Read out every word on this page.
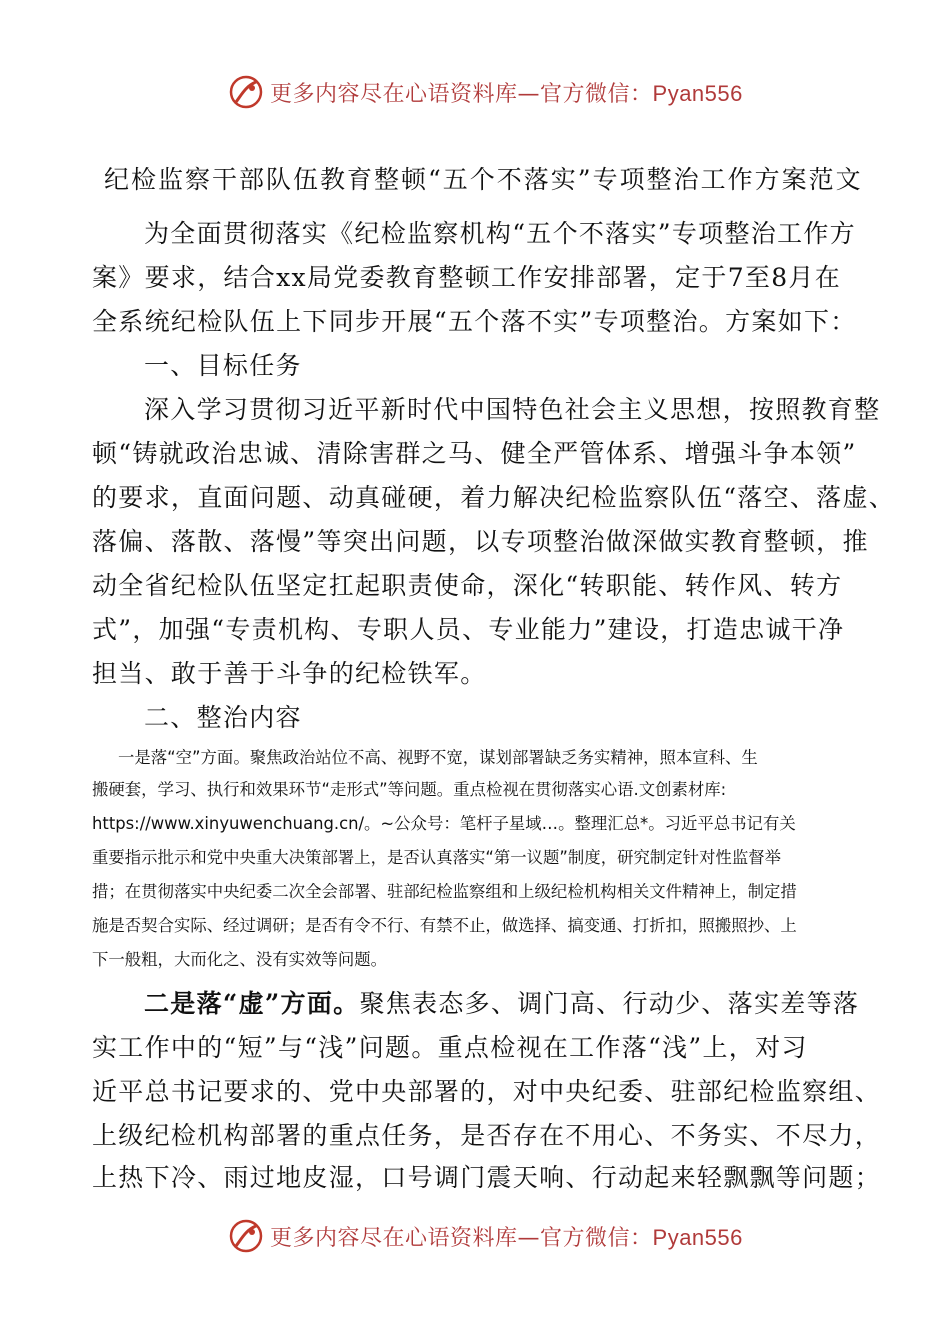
更多内容尽在心语资料库—官方微信：Pyan556
纪检监察干部队伍教育整顿“五个不落实”专项整治工作方案范文
为全面贯彻落实《纪检监察机构“五个不落实”专项整治工作方
案》要求，结合xx局党委教育整顿工作安排部署，定于7至8月在
全系统纪检队伍上下同步开展“五个落不实”专项整治。方案如下：
一、目标任务
深入学习贯彻习近平新时代中国特色社会主义思想，按照教育整
顿“铸就政治忠诚、清除害群之马、健全严管体系、增强斗争本领”
的要求，直面问题、动真碰硬，着力解决纪检监察队伍“落空、落虚、
落偏、落散、落慢”等突出问题，以专项整治做深做实教育整顿，推
动全省纪检队伍坚定扛起职责使命，深化“转职能、转作风、转方
式”，加强“专责机构、专职人员、专业能力”建设，打造忠诚干净
担当、敢于善于斗争的纪检铁军。
二、整治内容
一是落“空”方面。聚焦政治站位不高、视野不宽，谋划部署缺乏务实精神，照本宣科、生
搬硬套，学习、执行和效果环节“走形式”等问题。重点检视在贯彻落实心语.文创素材库:
https://www.xinyuwenchuang.cn/。~公众号：笔杆子星域…。整理汇总*。习近平总书记有关
重要指示批示和党中央重大决策部署上，是否认真落实“第一议题”制度，研究制定针对性监督举
措；在贯彻落实中央纪委二次全会部署、驻部纪检监察组和上级纪检机构相关文件精神上，制定措
施是否契合实际、经过调研；是否有令不行、有禁不止，做选择、搞变通、打折扣，照搬照抄、上
下一般粗，大而化之、没有实效等问题。
二是落“虚”方面。聚焦表态多、调门高、行动少、落实差等落
实工作中的“短”与“浅”问题。重点检视在工作落“浅”上，对习
近平总书记要求的、党中央部署的，对中央纪委、驻部纪检监察组、
上级纪检机构部署的重点任务，是否存在不用心、不务实、不尽力，
上热下冷、雨过地皮湿，口号调门震天响、行动起来轻飘飘等问题；
更多内容尽在心语资料库—官方微信：Pyan556
